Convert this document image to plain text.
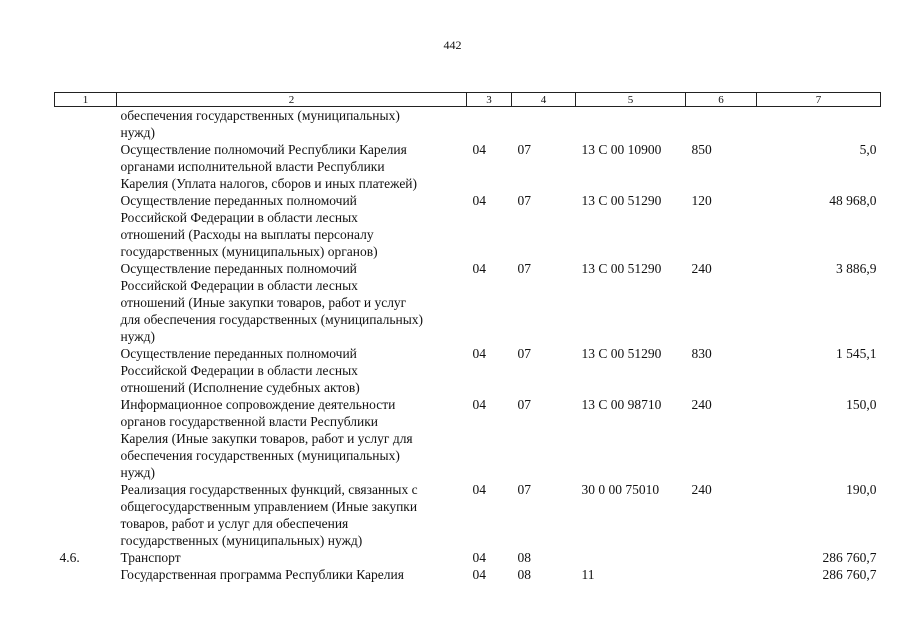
442
1	2	3	4	5	6	7
	обеспечения государственных (муниципальных)
нужд)					
	Осуществление полномочий Республики Карелия
органами исполнительной власти Республики
Карелия (Уплата налогов, сборов и иных платежей)	04	07	13 С 00 10900	850	5,0
	Осуществление переданных полномочий
Российской Федерации в области лесных
отношений (Расходы на выплаты персоналу
государственных (муниципальных) органов)	04	07	13 С 00 51290	120	48 968,0
	Осуществление переданных полномочий
Российской Федерации в области лесных
отношений (Иные закупки товаров, работ и услуг
для обеспечения государственных (муниципальных)
нужд)	04	07	13 С 00 51290	240	3 886,9
	Осуществление переданных полномочий
Российской Федерации в области лесных
отношений (Исполнение судебных актов)	04	07	13 С 00 51290	830	1 545,1
	Информационное сопровождение деятельности
органов государственной власти Республики
Карелия (Иные закупки товаров, работ и услуг для
обеспечения государственных (муниципальных)
нужд)	04	07	13 С 00 98710	240	150,0
	Реализация государственных функций, связанных с
общегосударственным управлением (Иные закупки
товаров, работ и услуг для обеспечения
государственных (муниципальных) нужд)	04	07	30 0 00 75010	240	190,0
4.6.	Транспорт	04	08			286 760,7
	Государственная программа Республики Карелия	04	08	11		286 760,7
